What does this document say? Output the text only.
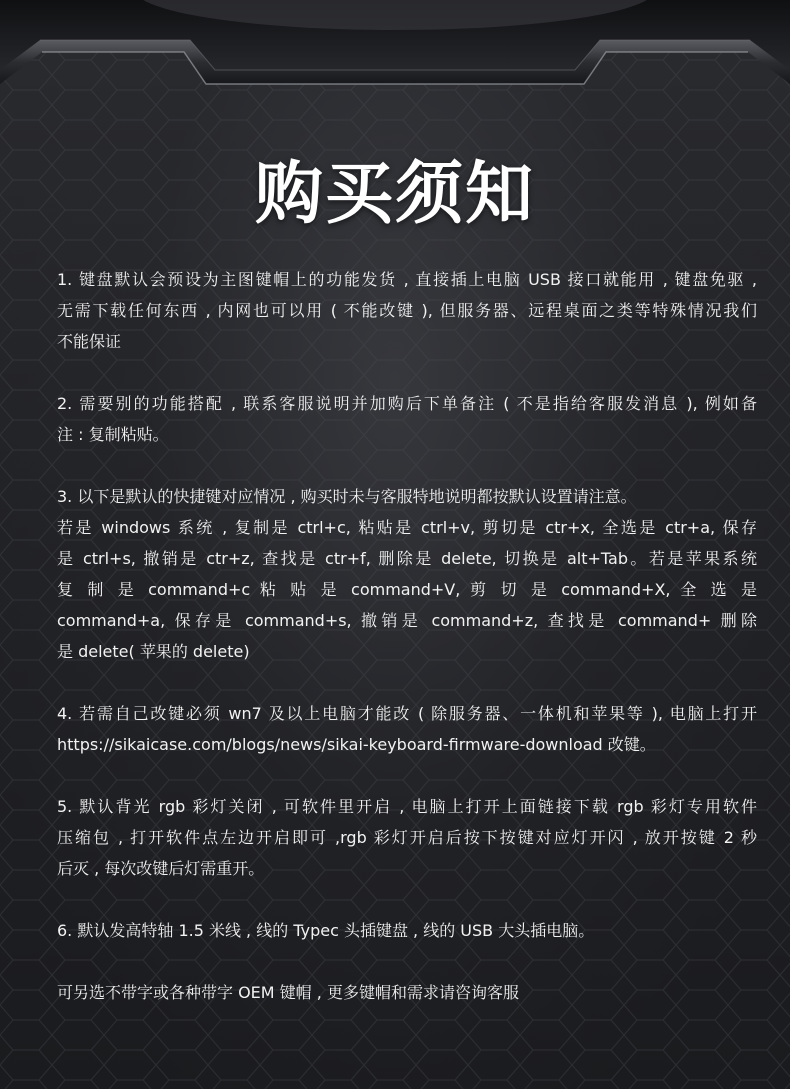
购买须知
1. 键盘默认会预设为主图键帽上的功能发货 , 直接插上电脑 USB 接口就能用 , 键盘免驱 ,
无需下载任何东西 , 内网也可以用 ( 不能改键 ), 但服务器、远程桌面之类等特殊情况我们
不能保证
2. 需要别的功能搭配 , 联系客服说明并加购后下单备注 ( 不是指给客服发消息 ), 例如备
注 : 复制粘贴。
3. 以下是默认的快捷键对应情况 , 购买时未与客服特地说明都按默认设置请注意。
若是 windows 系统 , 复制是 ctrl+c, 粘贴是 ctrl+v, 剪切是 ctr+x, 全选是 ctr+a, 保存
是 ctrl+s, 撤销是 ctr+z, 查找是 ctr+f, 删除是 delete, 切换是 alt+Tab。若是苹果系统
复 制 是 command+c 粘 贴 是 command+V, 剪 切 是 command+X, 全 选 是
command+a, 保存是 command+s, 撤销是 command+z, 查找是 command+ 删除
是 delete( 苹果的 delete)
4. 若需自己改键必须 wn7 及以上电脑才能改 ( 除服务器、一体机和苹果等 ), 电脑上打开
https://sikaicase.com/blogs/news/sikai-keyboard-firmware-download 改键。
5. 默认背光 rgb 彩灯关闭 , 可软件里开启 , 电脑上打开上面链接下载 rgb 彩灯专用软件
压缩包 , 打开软件点左边开启即可 ,rgb 彩灯开启后按下按键对应灯开闪 , 放开按键 2 秒
后灭 , 每次改键后灯需重开。
6. 默认发高特轴 1.5 米线 , 线的 Typec 头插键盘 , 线的 USB 大头插电脑。
可另选不带字或各种带字 OEM 键帽 , 更多键帽和需求请咨询客服
